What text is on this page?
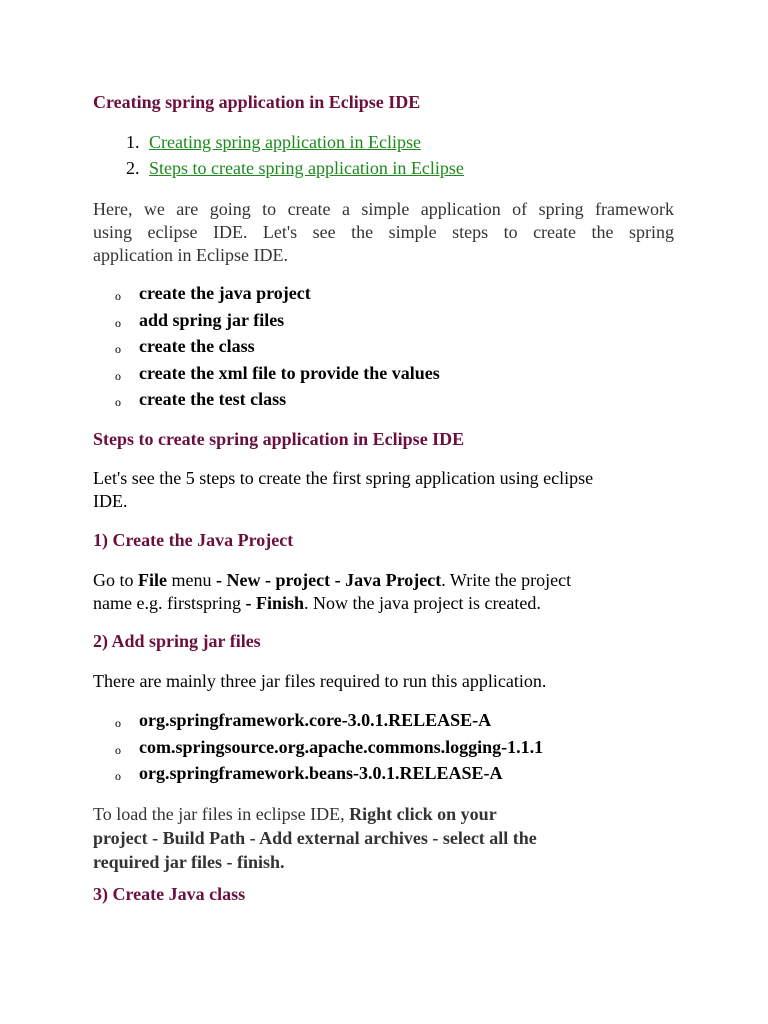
Creating spring application in Eclipse IDE
1. Creating spring application in Eclipse
2. Steps to create spring application in Eclipse

Here, we are going to create a simple application of spring framework
using eclipse IDE. Let's see the simple steps to create the spring
application in Eclipse IDE.

o create the java project
o add spring jar files
o create the class
o create the xml file to provide the values
o create the test class
Steps to create spring application in Eclipse IDE

Let's see the 5 steps to create the first spring application using eclipse
IDE.

1) Create the Java Project

Go to File menu - New - project - Java Project. Write the project
name e.g. firstspring - Finish. Now the java project is created.

2) Add spring jar files

There are mainly three jar files required to run this application.

o org.springframework.core-3.0.1.RELEASE-A
o com.springsource.org.apache.commons.logging-1.1.1
o org.springframework.beans-3.0.1.RELEASE-A

To load the jar files in eclipse IDE, Right click on your
project - Build Path - Add external archives - select all the
required jar files - finish.

3) Create Java class
